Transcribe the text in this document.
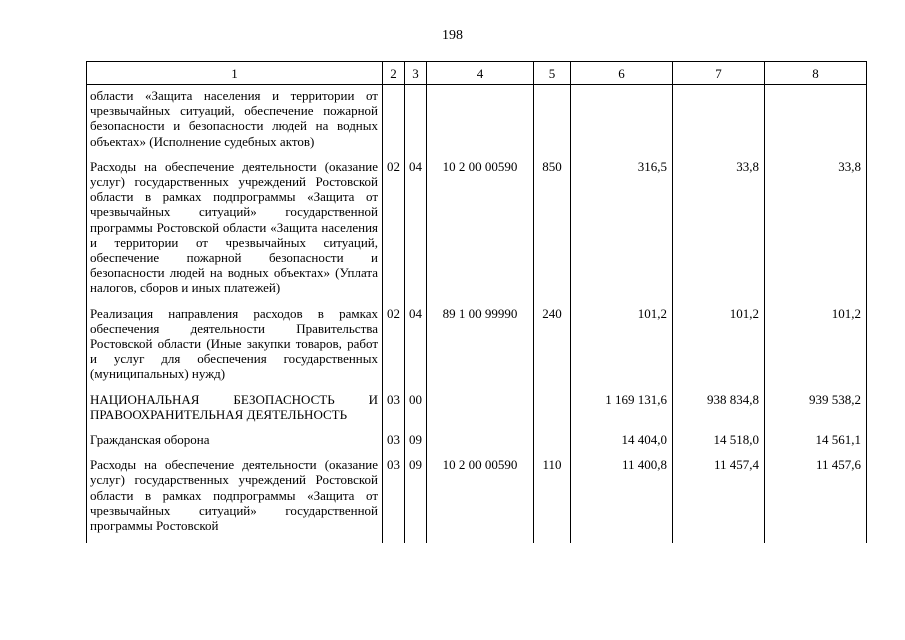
198
1	2	3	4	5	6	7	8
области «Защита населения и территории от чрезвычайных ситуаций, обеспечение пожарной безопасности и безопасности людей на водных объектах» (Исполнение судебных актов)							
Расходы на обеспечение деятельности (оказание услуг) государственных учреждений Ростовской области в рамках подпрограммы «Защита от чрезвычайных ситуаций» государственной программы Ростовской области «Защита населения и территории от чрезвычайных ситуаций, обеспечение пожарной безопасности и безопасности людей на водных объектах» (Уплата налогов, сборов и иных платежей)	02	04	10 2 00 00590	850	316,5	33,8	33,8
Реализация направления расходов в рамках обеспечения деятельности Правительства Ростовской области (Иные закупки товаров, работ и услуг для обеспечения государственных (муниципальных) нужд)	02	04	89 1 00 99990	240	101,2	101,2	101,2
НАЦИОНАЛЬНАЯ БЕЗОПАСНОСТЬ И ПРАВООХРАНИТЕЛЬНАЯ ДЕЯТЕЛЬНОСТЬ	03	00			1 169 131,6	938 834,8	939 538,2
Гражданская оборона	03	09			14 404,0	14 518,0	14 561,1
Расходы на обеспечение деятельности (оказание услуг) государственных учреждений Ростовской области в рамках подпрограммы «Защита от чрезвычайных ситуаций» государственной программы Ростовской	03	09	10 2 00 00590	110	11 400,8	11 457,4	11 457,6
